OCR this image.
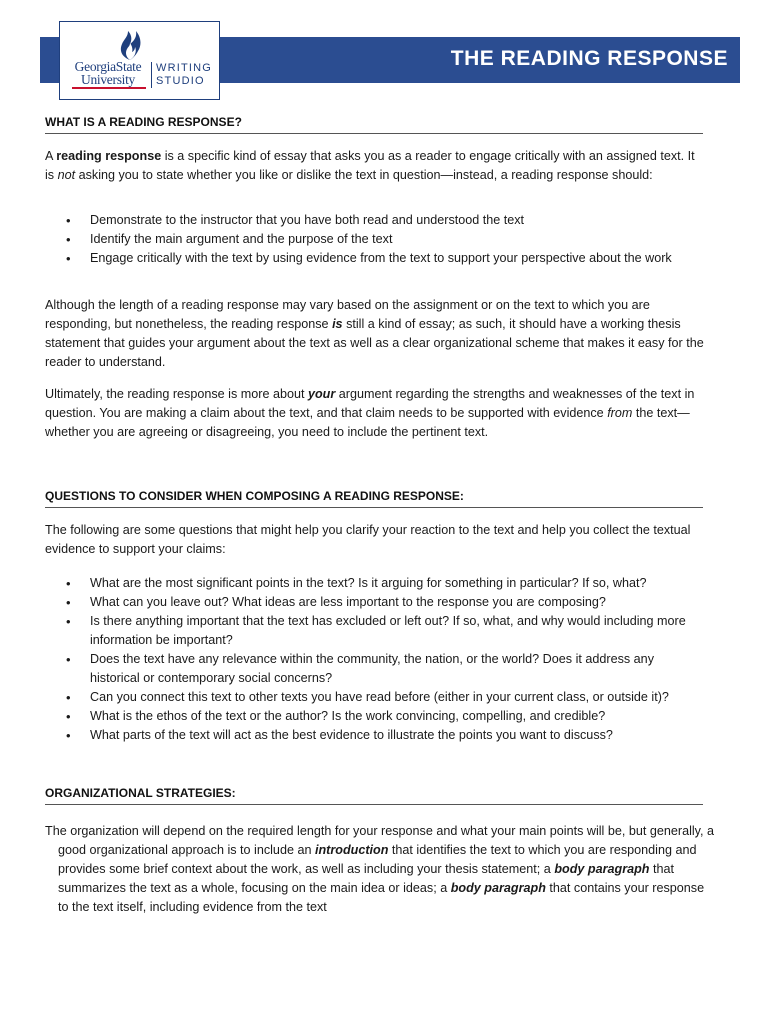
THE READING RESPONSE
GeorgiaState
University
WRITING
STUDIO
WHAT IS A READING RESPONSE?

A reading response is a specific kind of essay that asks you as a reader to engage critically with an assigned text. It is not asking you to state whether you like or dislike the text in question—instead, a reading response should:

• Demonstrate to the instructor that you have both read and understood the text
• Identify the main argument and the purpose of the text
• Engage critically with the text by using evidence from the text to support your perspective about the work

Although the length of a reading response may vary based on the assignment or on the text to which you are responding, but nonetheless, the reading response is still a kind of essay; as such, it should have a working thesis statement that guides your argument about the text as well as a clear organizational scheme that makes it easy for the reader to understand.

Ultimately, the reading response is more about your argument regarding the strengths and weaknesses of the text in question. You are making a claim about the text, and that claim needs to be supported with evidence from the text—whether you are agreeing or disagreeing, you need to include the pertinent text.

QUESTIONS TO CONSIDER WHEN COMPOSING A READING RESPONSE:

The following are some questions that might help you clarify your reaction to the text and help you collect the textual evidence to support your claims:

• What are the most significant points in the text? Is it arguing for something in particular? If so, what?
• What can you leave out? What ideas are less important to the response you are composing?
• Is there anything important that the text has excluded or left out? If so, what, and why would including more information be important?
• Does the text have any relevance within the community, the nation, or the world? Does it address any historical or contemporary social concerns?
• Can you connect this text to other texts you have read before (either in your current class, or outside it)?
• What is the ethos of the text or the author? Is the work convincing, compelling, and credible?
• What parts of the text will act as the best evidence to illustrate the points you want to discuss?
ORGANIZATIONAL STRATEGIES:

The organization will depend on the required length for your response and what your main points will be, but generally, a good organizational approach is to include an introduction that identifies the text to which you are responding and provides some brief context about the work, as well as including your thesis statement; a body paragraph that summarizes the text as a whole, focusing on the main idea or ideas; a body paragraph that contains your response to the text itself, including evidence from the text
